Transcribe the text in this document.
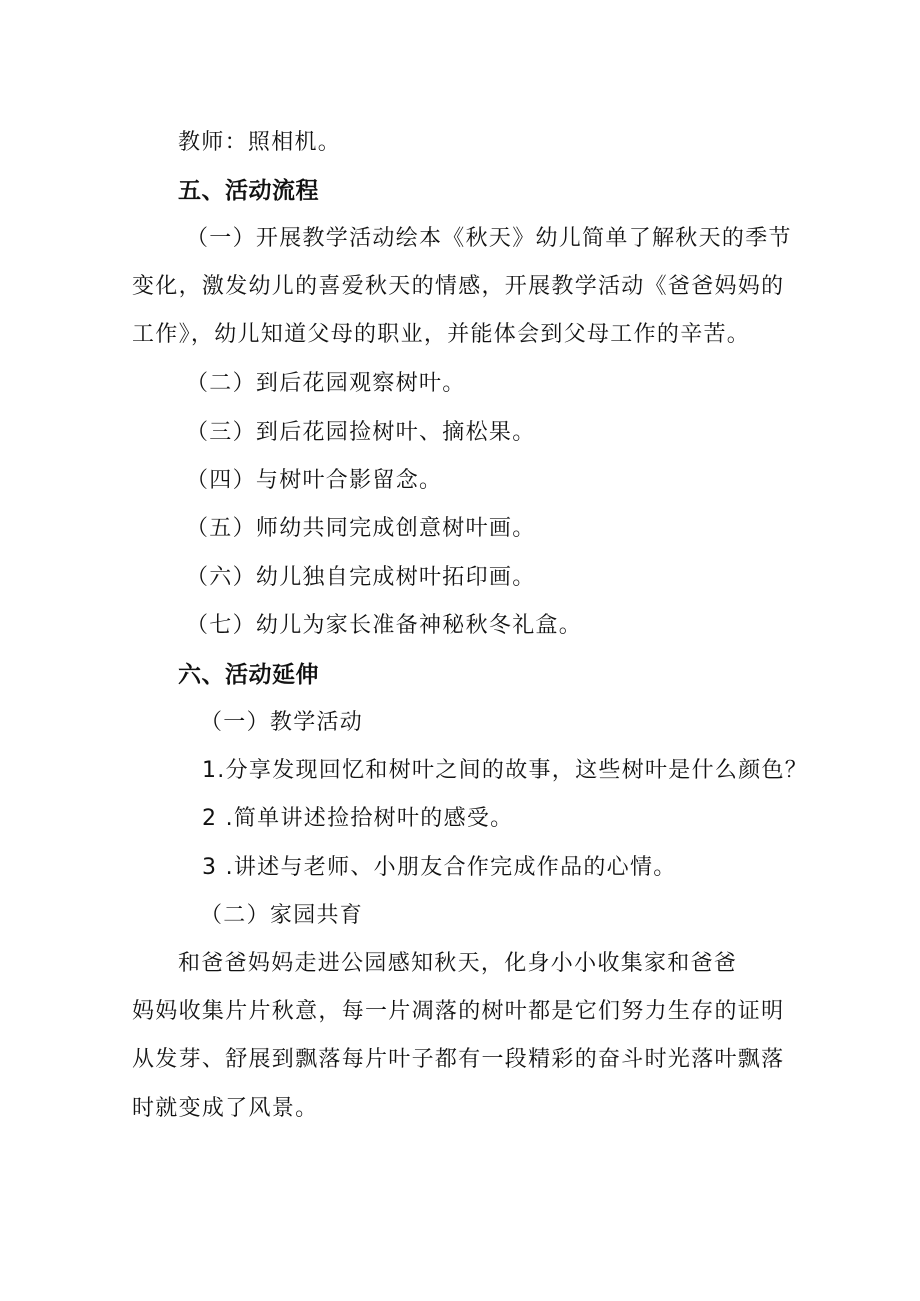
教师：照相机。
五、活动流程
（一）开展教学活动绘本《秋天》幼儿简单了解秋天的季节
变化，激发幼儿的喜爱秋天的情感，开展教学活动《爸爸妈妈的
工作》，幼儿知道父母的职业，并能体会到父母工作的辛苦。
（二）到后花园观察树叶。
（三）到后花园捡树叶、摘松果。
（四）与树叶合影留念。
（五）师幼共同完成创意树叶画。
（六）幼儿独自完成树叶拓印画。
（七）幼儿为家长准备神秘秋冬礼盒。
六、活动延伸
（一）教学活动
1.分享发现回忆和树叶之间的故事，这些树叶是什么颜色？
2 .简单讲述捡拾树叶的感受。
3 .讲述与老师、小朋友合作完成作品的心情。
（二）家园共育
和爸爸妈妈走进公园感知秋天，化身小小收集家和爸爸
妈妈收集片片秋意，每一片凋落的树叶都是它们努力生存的证明
从发芽、舒展到飘落每片叶子都有一段精彩的奋斗时光落叶飘落
时就变成了风景。
